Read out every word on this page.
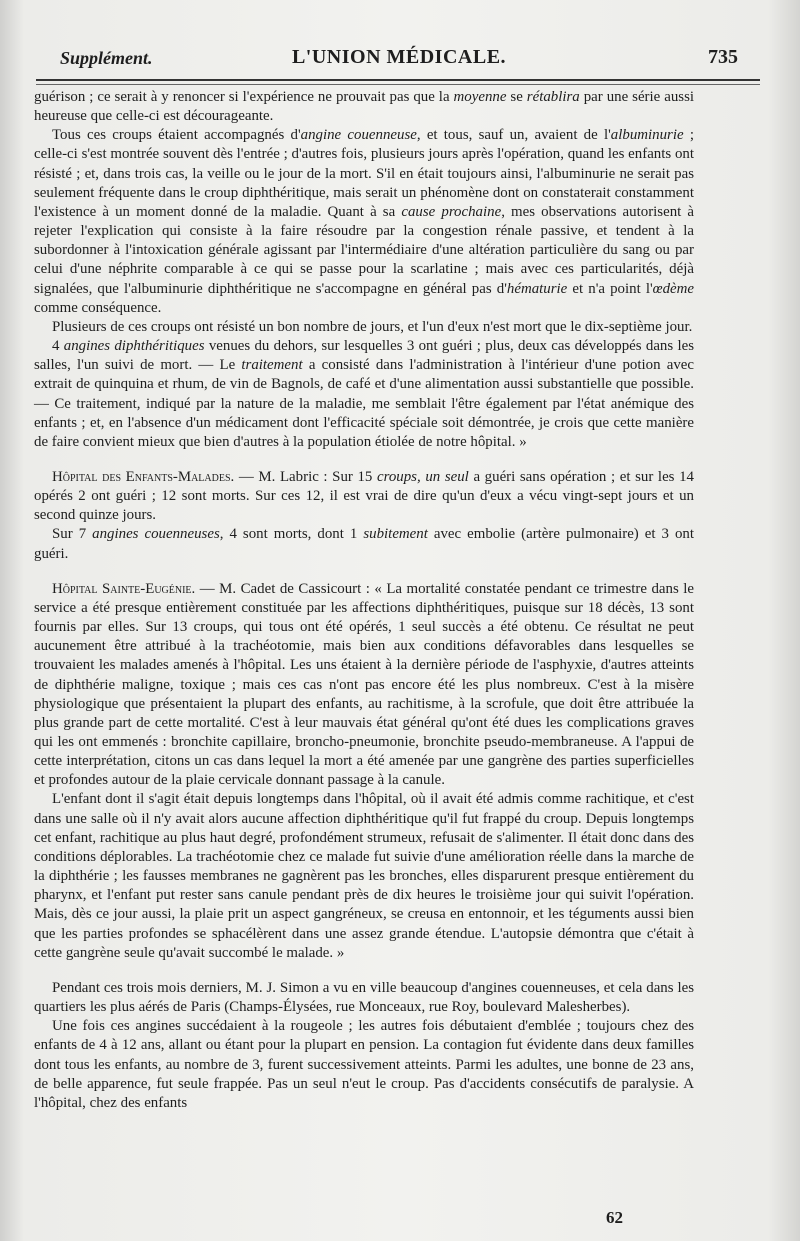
Supplément.	L'UNION MÉDICALE.	735

guérison ; ce serait à y renoncer si l'expérience ne prouvait pas que la moyenne se rétablira par une série aussi heureuse que celle-ci est décourageante.

Tous ces croups étaient accompagnés d'angine couenneuse, et tous, sauf un, avaient de l'albuminurie ; celle-ci s'est montrée souvent dès l'entrée ; d'autres fois, plusieurs jours après l'opération, quand les enfants ont résisté ; et, dans trois cas, la veille ou le jour de la mort. S'il en était toujours ainsi, l'albuminurie ne serait pas seulement fréquente dans le croup diphthéritique, mais serait un phénomène dont on constaterait constamment l'existence à un moment donné de la maladie. Quant à sa cause prochaine, mes observations autorisent à rejeter l'explication qui consiste à la faire résoudre par la congestion rénale passive, et tendent à la subordonner à l'intoxication générale agissant par l'intermédiaire d'une altération particulière du sang ou par celui d'une néphrite comparable à ce qui se passe pour la scarlatine ; mais avec ces particularités, déjà signalées, que l'albuminurie diphthéritique ne s'accompagne en général pas d'hématurie et n'a point l'œdème comme conséquence.

Plusieurs de ces croups ont résisté un bon nombre de jours, et l'un d'eux n'est mort que le dix-septième jour.

4 angines diphthéritiques venues du dehors, sur lesquelles 3 ont guéri ; plus, deux cas développés dans les salles, l'un suivi de mort. — Le traitement a consisté dans l'administration à l'intérieur d'une potion avec extrait de quinquina et rhum, de vin de Bagnols, de café et d'une alimentation aussi substantielle que possible. — Ce traitement, indiqué par la nature de la maladie, me semblait l'être également par l'état anémique des enfants ; et, en l'absence d'un médicament dont l'efficacité spéciale soit démontrée, je crois que cette manière de faire convient mieux que bien d'autres à la population étiolée de notre hôpital. »

Hôpital des Enfants-Malades. — M. Labric : Sur 15 croups, un seul a guéri sans opération ; et sur les 14 opérés 2 ont guéri ; 12 sont morts. Sur ces 12, il est vrai de dire qu'un d'eux a vécu vingt-sept jours et un second quinze jours.

Sur 7 angines couenneuses, 4 sont morts, dont 1 subitement avec embolie (artère pulmonaire) et 3 ont guéri.

Hôpital Sainte-Eugénie. — M. Cadet de Cassicourt : « La mortalité constatée pendant ce trimestre dans le service a été presque entièrement constituée par les affections diphthéritiques, puisque sur 18 décès, 13 sont fournis par elles. Sur 13 croups, qui tous ont été opérés, 1 seul succès a été obtenu. Ce résultat ne peut aucunement être attribué à la trachéotomie, mais bien aux conditions défavorables dans lesquelles se trouvaient les malades amenés à l'hôpital. Les uns étaient à la dernière période de l'asphyxie, d'autres atteints de diphthérie maligne, toxique ; mais ces cas n'ont pas encore été les plus nombreux. C'est à la misère physiologique que présentaient la plupart des enfants, au rachitisme, à la scrofule, que doit être attribuée la plus grande part de cette mortalité. C'est à leur mauvais état général qu'ont été dues les complications graves qui les ont emmenés : bronchite capillaire, broncho-pneumonie, bronchite pseudo-membraneuse. A l'appui de cette interprétation, citons un cas dans lequel la mort a été amenée par une gangrène des parties superficielles et profondes autour de la plaie cervicale donnant passage à la canule.

L'enfant dont il s'agit était depuis longtemps dans l'hôpital, où il avait été admis comme rachitique, et c'est dans une salle où il n'y avait alors aucune affection diphthéritique qu'il fut frappé du croup. Depuis longtemps cet enfant, rachitique au plus haut degré, profondément strumeux, refusait de s'alimenter. Il était donc dans des conditions déplorables. La trachéotomie chez ce malade fut suivie d'une amélioration réelle dans la marche de la diphthérie ; les fausses membranes ne gagnèrent pas les bronches, elles disparurent presque entièrement du pharynx, et l'enfant put rester sans canule pendant près de dix heures le troisième jour qui suivit l'opération. Mais, dès ce jour aussi, la plaie prit un aspect gangréneux, se creusa en entonnoir, et les téguments aussi bien que les parties profondes se sphacélèrent dans une assez grande étendue. L'autopsie démontra que c'était à cette gangrène seule qu'avait succombé le malade. »

Pendant ces trois mois derniers, M. J. Simon a vu en ville beaucoup d'angines couenneuses, et cela dans les quartiers les plus aérés de Paris (Champs-Élysées, rue Monceaux, rue Roy, boulevard Malesherbes).

Une fois ces angines succédaient à la rougeole ; les autres fois débutaient d'emblée ; toujours chez des enfants de 4 à 12 ans, allant ou étant pour la plupart en pension. La contagion fut évidente dans deux familles dont tous les enfants, au nombre de 3, furent successivement atteints. Parmi les adultes, une bonne de 23 ans, de belle apparence, fut seule frappée. Pas un seul n'eut le croup. Pas d'accidents consécutifs de paralysie. A l'hôpital, chez des enfants

62
